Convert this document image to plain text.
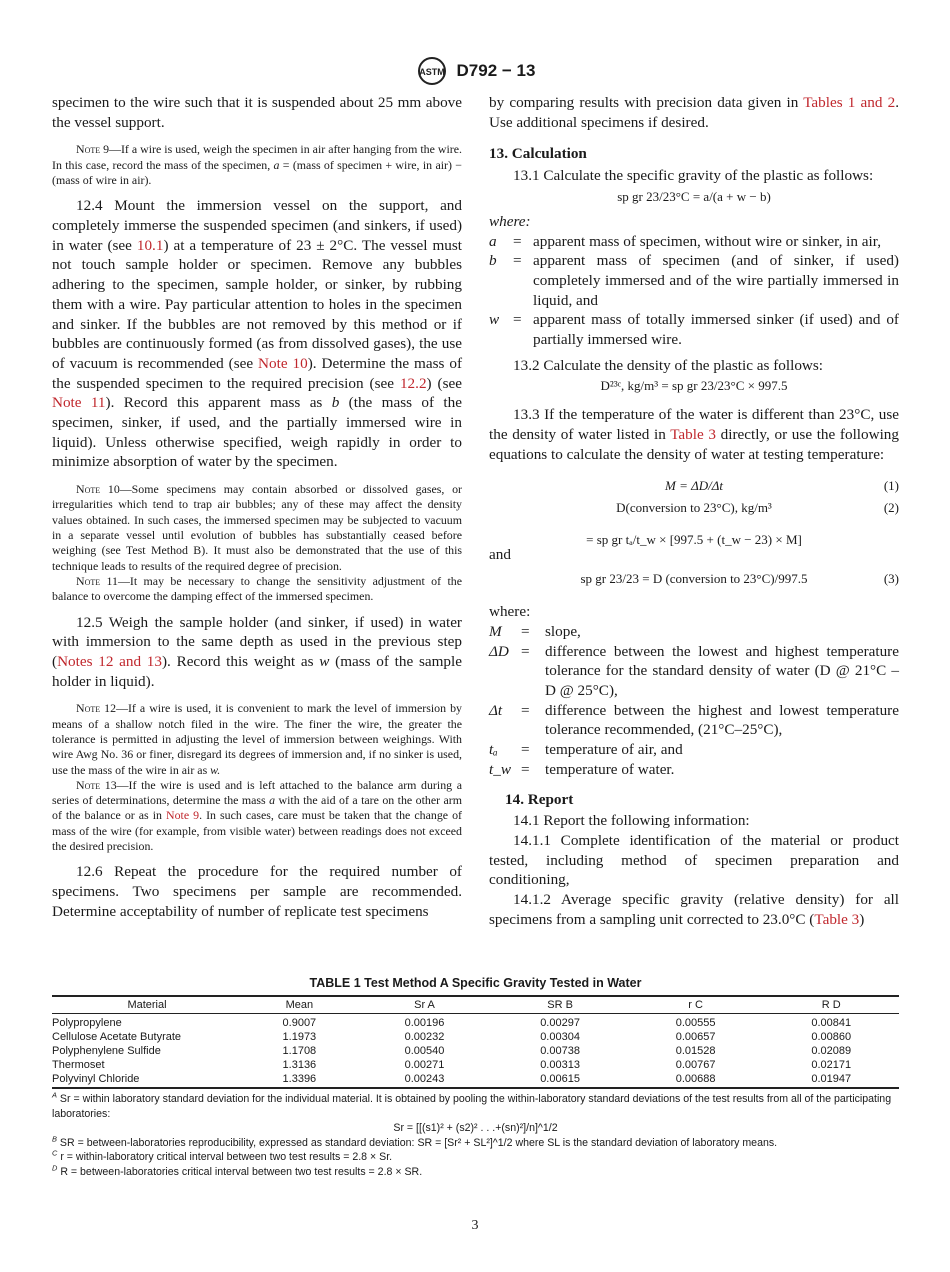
ASTM D792 − 13

specimen to the wire such that it is suspended about 25 mm above the vessel support.

Note 9—If a wire is used, weigh the specimen in air after hanging from the wire. In this case, record the mass of the specimen, a = (mass of specimen + wire, in air) − (mass of wire in air).

12.4 Mount the immersion vessel on the support, and completely immerse the suspended specimen (and sinkers, if used) in water (see 10.1) at a temperature of 23 ± 2°C. The vessel must not touch sample holder or specimen. Remove any bubbles adhering to the specimen, sample holder, or sinker, by rubbing them with a wire. Pay particular attention to holes in the specimen and sinker. If the bubbles are not removed by this method or if bubbles are continuously formed (as from dissolved gases), the use of vacuum is recommended (see Note 10). Determine the mass of the suspended specimen to the required precision (see 12.2) (see Note 11). Record this apparent mass as b (the mass of the specimen, sinker, if used, and the partially immersed wire in liquid). Unless otherwise specified, weigh rapidly in order to minimize absorption of water by the specimen.

Note 10—Some specimens may contain absorbed or dissolved gases, or irregularities which tend to trap air bubbles; any of these may affect the density values obtained. In such cases, the immersed specimen may be subjected to vacuum in a separate vessel until evolution of bubbles has substantially ceased before weighing (see Test Method B). It must also be demonstrated that the use of this technique leads to results of the required degree of precision.

Note 11—It may be necessary to change the sensitivity adjustment of the balance to overcome the damping effect of the immersed specimen.

12.5 Weigh the sample holder (and sinker, if used) in water with immersion to the same depth as used in the previous step (Notes 12 and 13). Record this weight as w (mass of the sample holder in liquid).

Note 12—If a wire is used, it is convenient to mark the level of immersion by means of a shallow notch filed in the wire. The finer the wire, the greater the tolerance is permitted in adjusting the level of immersion between weighings. With wire Awg No. 36 or finer, disregard its degrees of immersion and, if no sinker is used, use the mass of the wire in air as w.

Note 13—If the wire is used and is left attached to the balance arm during a series of determinations, determine the mass a with the aid of a tare on the other arm of the balance or as in Note 9. In such cases, care must be taken that the change of mass of the wire (for example, from visible water) between readings does not exceed the desired precision.

12.6 Repeat the procedure for the required number of specimens. Two specimens per sample are recommended. Determine acceptability of number of replicate test specimens

by comparing results with precision data given in Tables 1 and 2. Use additional specimens if desired.

13. Calculation

13.1 Calculate the specific gravity of the plastic as follows:

sp gr 23/23°C = a/(a + w − b)
where:
a	= apparent mass of specimen, without wire or sinker, in air,
b	= apparent mass of specimen (and of sinker, if used) completely immersed and of the wire partially immersed in liquid, and
w = apparent mass of totally immersed sinker (if used) and of partially immersed wire.

13.2 Calculate the density of the plastic as follows:

D²³ᶜ, kg/m³ = sp gr 23/23°C × 997.5

13.3 If the temperature of the water is different than 23°C, use the density of water listed in Table 3 directly, or use the following equations to calculate the density of water at testing temperature:

M = ΔD/Δt	(1)
D(conversion to 23°C), kg/m³	(2)
= sp gr tₐ/t_w × [997.5 + (t_w − 23) × M]
and
sp gr 23/23 = D (conversion to 23°C)/997.5	(3)
where:
M	=	slope,
ΔD =	difference between the lowest and highest temperature tolerance for the standard density of water (D @ 21°C – D @ 25°C),
Δt	=	difference between the highest and lowest temperature tolerance recommended, (21°C–25°C),
tₐ	=	temperature of air, and
t_w =	temperature of water.
14. Report

14.1 Report the following information:

14.1.1 Complete identification of the material or product tested, including method of specimen preparation and conditioning,

14.1.2 Average specific gravity (relative density) for all specimens from a sampling unit corrected to 23.0°C (Table 3)

TABLE 1 Test Method A Specific Gravity Tested in Water
Material	Mean	Sr A	SR B	r C	R D
Polypropylene	0.9007	0.00196	0.00297	0.00555	0.00841
Cellulose Acetate Butyrate	1.1973	0.00232	0.00304	0.00657	0.00860
Polyphenylene Sulfide	1.1708	0.00540	0.00738	0.01528	0.02089
Thermoset	1.3136	0.00271	0.00313	0.00767	0.02171
Polyvinyl Chloride	1.3396	0.00243	0.00615	0.00688	0.01947
$^A$ Sr = within laboratory standard deviation for the individual material. It is obtained by pooling the within-laboratory standard deviations of the test results from all of the participating laboratories:
Sr = [[(s1)² + (s2)² . . .+(sn)²]/n]^1/2
$^B$ SR = between-laboratories reproducibility, expressed as standard deviation: SR = [Sr² + SL²]^1/2 where SL is the standard deviation of laboratory means.
$^C$ r = within-laboratory critical interval between two test results = 2.8 × Sr.
$^D$ R = between-laboratories critical interval between two test results = 2.8 × SR.
3
